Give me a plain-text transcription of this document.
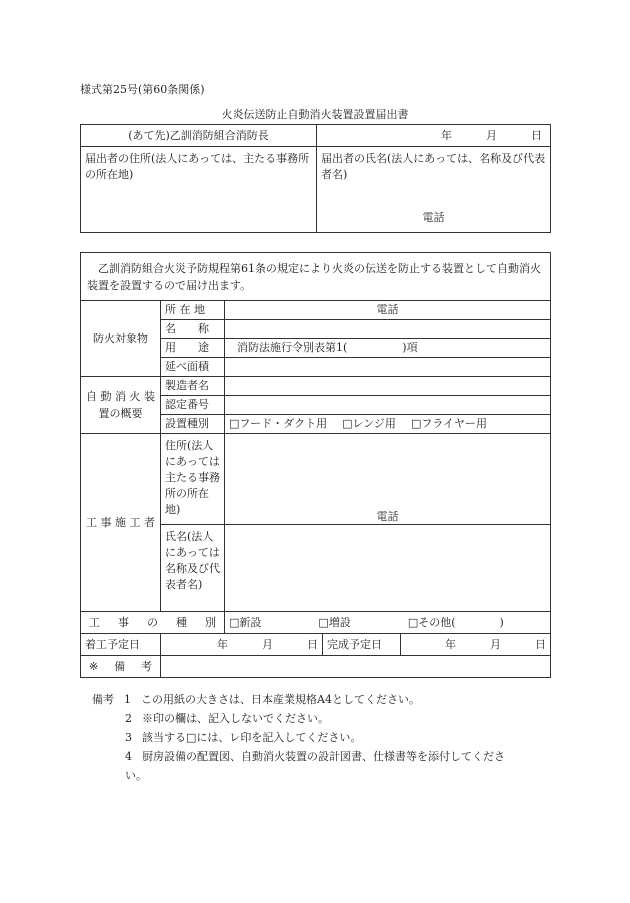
様式第25号(第60条関係)
火炎伝送防止自動消火装置設置届出書
(あて先)乙訓消防組合消防長	年 月 日

届出者の住所(法人にあっては、主たる事務所の所在地)	届出者の氏名(法人にあっては、名称及び代表者名)
電話
乙訓消防組合火災予防規程第61条の規定により火炎の伝送を防止する装置として自動消火装置を設置するので届け出ます。				
防火対象物	所 在 地	電話		
	名　　称			
	用　　途	消防法施行令別表第1(　　　　　)項		
	延べ面積			
自 動 消 火 装置の概要	製造者名			
	認定番号			
	設置種別	□ フード・ダクト用 □ レンジ用 □ フライヤー用
工 事 施 工 者	住所(法人にあっては主たる事務所の所在地)	電話		

	氏名(法人にあっては名称及び代表者名)			

工 事 の 種 別		□ 新設 □ 増設 □ その他(　　　　)

着工予定日	年 月 日		完成予定日	年 月 日

※ 備 考				

備考 1 この用紙の大きさは、日本産業規格A4としてください。
2 ※印の欄は、記入しないでください。
3 該当する□には、レ印を記入してください。
4 厨房設備の配置図、自動消火装置の設計図書、仕様書等を添付してくださ
い。
